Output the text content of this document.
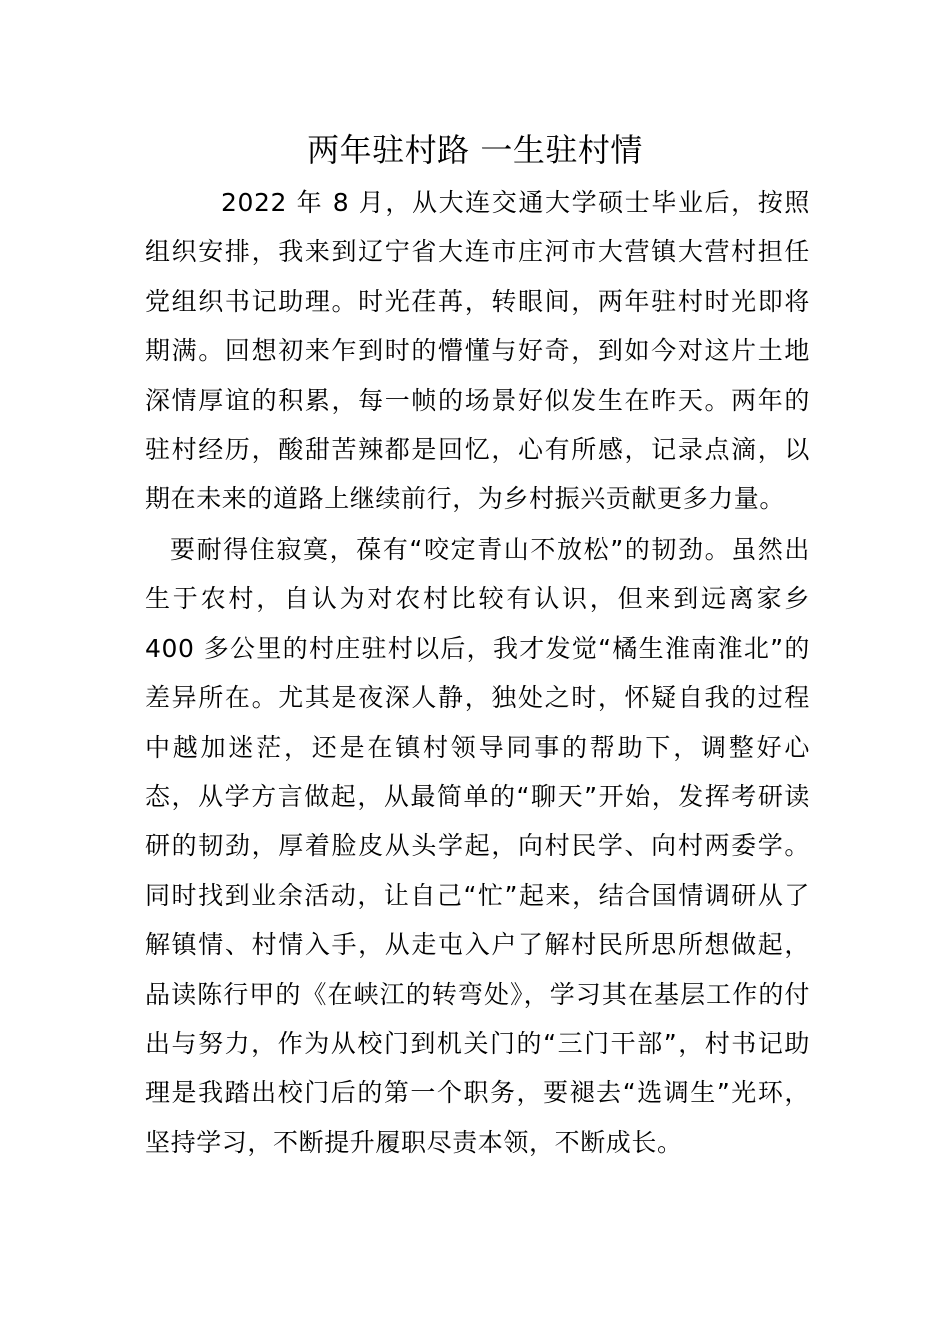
两年驻村路 一生驻村情

2022 年 8 月，从大连交通大学硕士毕业后，按照组织安排，我来到辽宁省大连市庄河市大营镇大营村担任党组织书记助理。时光荏苒，转眼间，两年驻村时光即将期满。回想初来乍到时的懵懂与好奇，到如今对这片土地深情厚谊的积累，每一帧的场景好似发生在昨天。两年的驻村经历，酸甜苦辣都是回忆，心有所感，记录点滴，以期在未来的道路上继续前行，为乡村振兴贡献更多力量。

要耐得住寂寞，葆有“咬定青山不放松”的韧劲。虽然出生于农村，自认为对农村比较有认识，但来到远离家乡 400 多公里的村庄驻村以后，我才发觉“橘生淮南淮北”的差异所在。尤其是夜深人静，独处之时，怀疑自我的过程中越加迷茫，还是在镇村领导同事的帮助下，调整好心态，从学方言做起，从最简单的“聊天”开始，发挥考研读研的韧劲，厚着脸皮从头学起，向村民学、向村两委学。同时找到业余活动，让自己“忙”起来，结合国情调研从了解镇情、村情入手，从走屯入户了解村民所思所想做起，品读陈行甲的《在峡江的转弯处》，学习其在基层工作的付出与努力，作为从校门到机关门的“三门干部”，村书记助理是我踏出校门后的第一个职务，要褪去“选调生”光环，坚持学习，不断提升履职尽责本领，不断成长。
